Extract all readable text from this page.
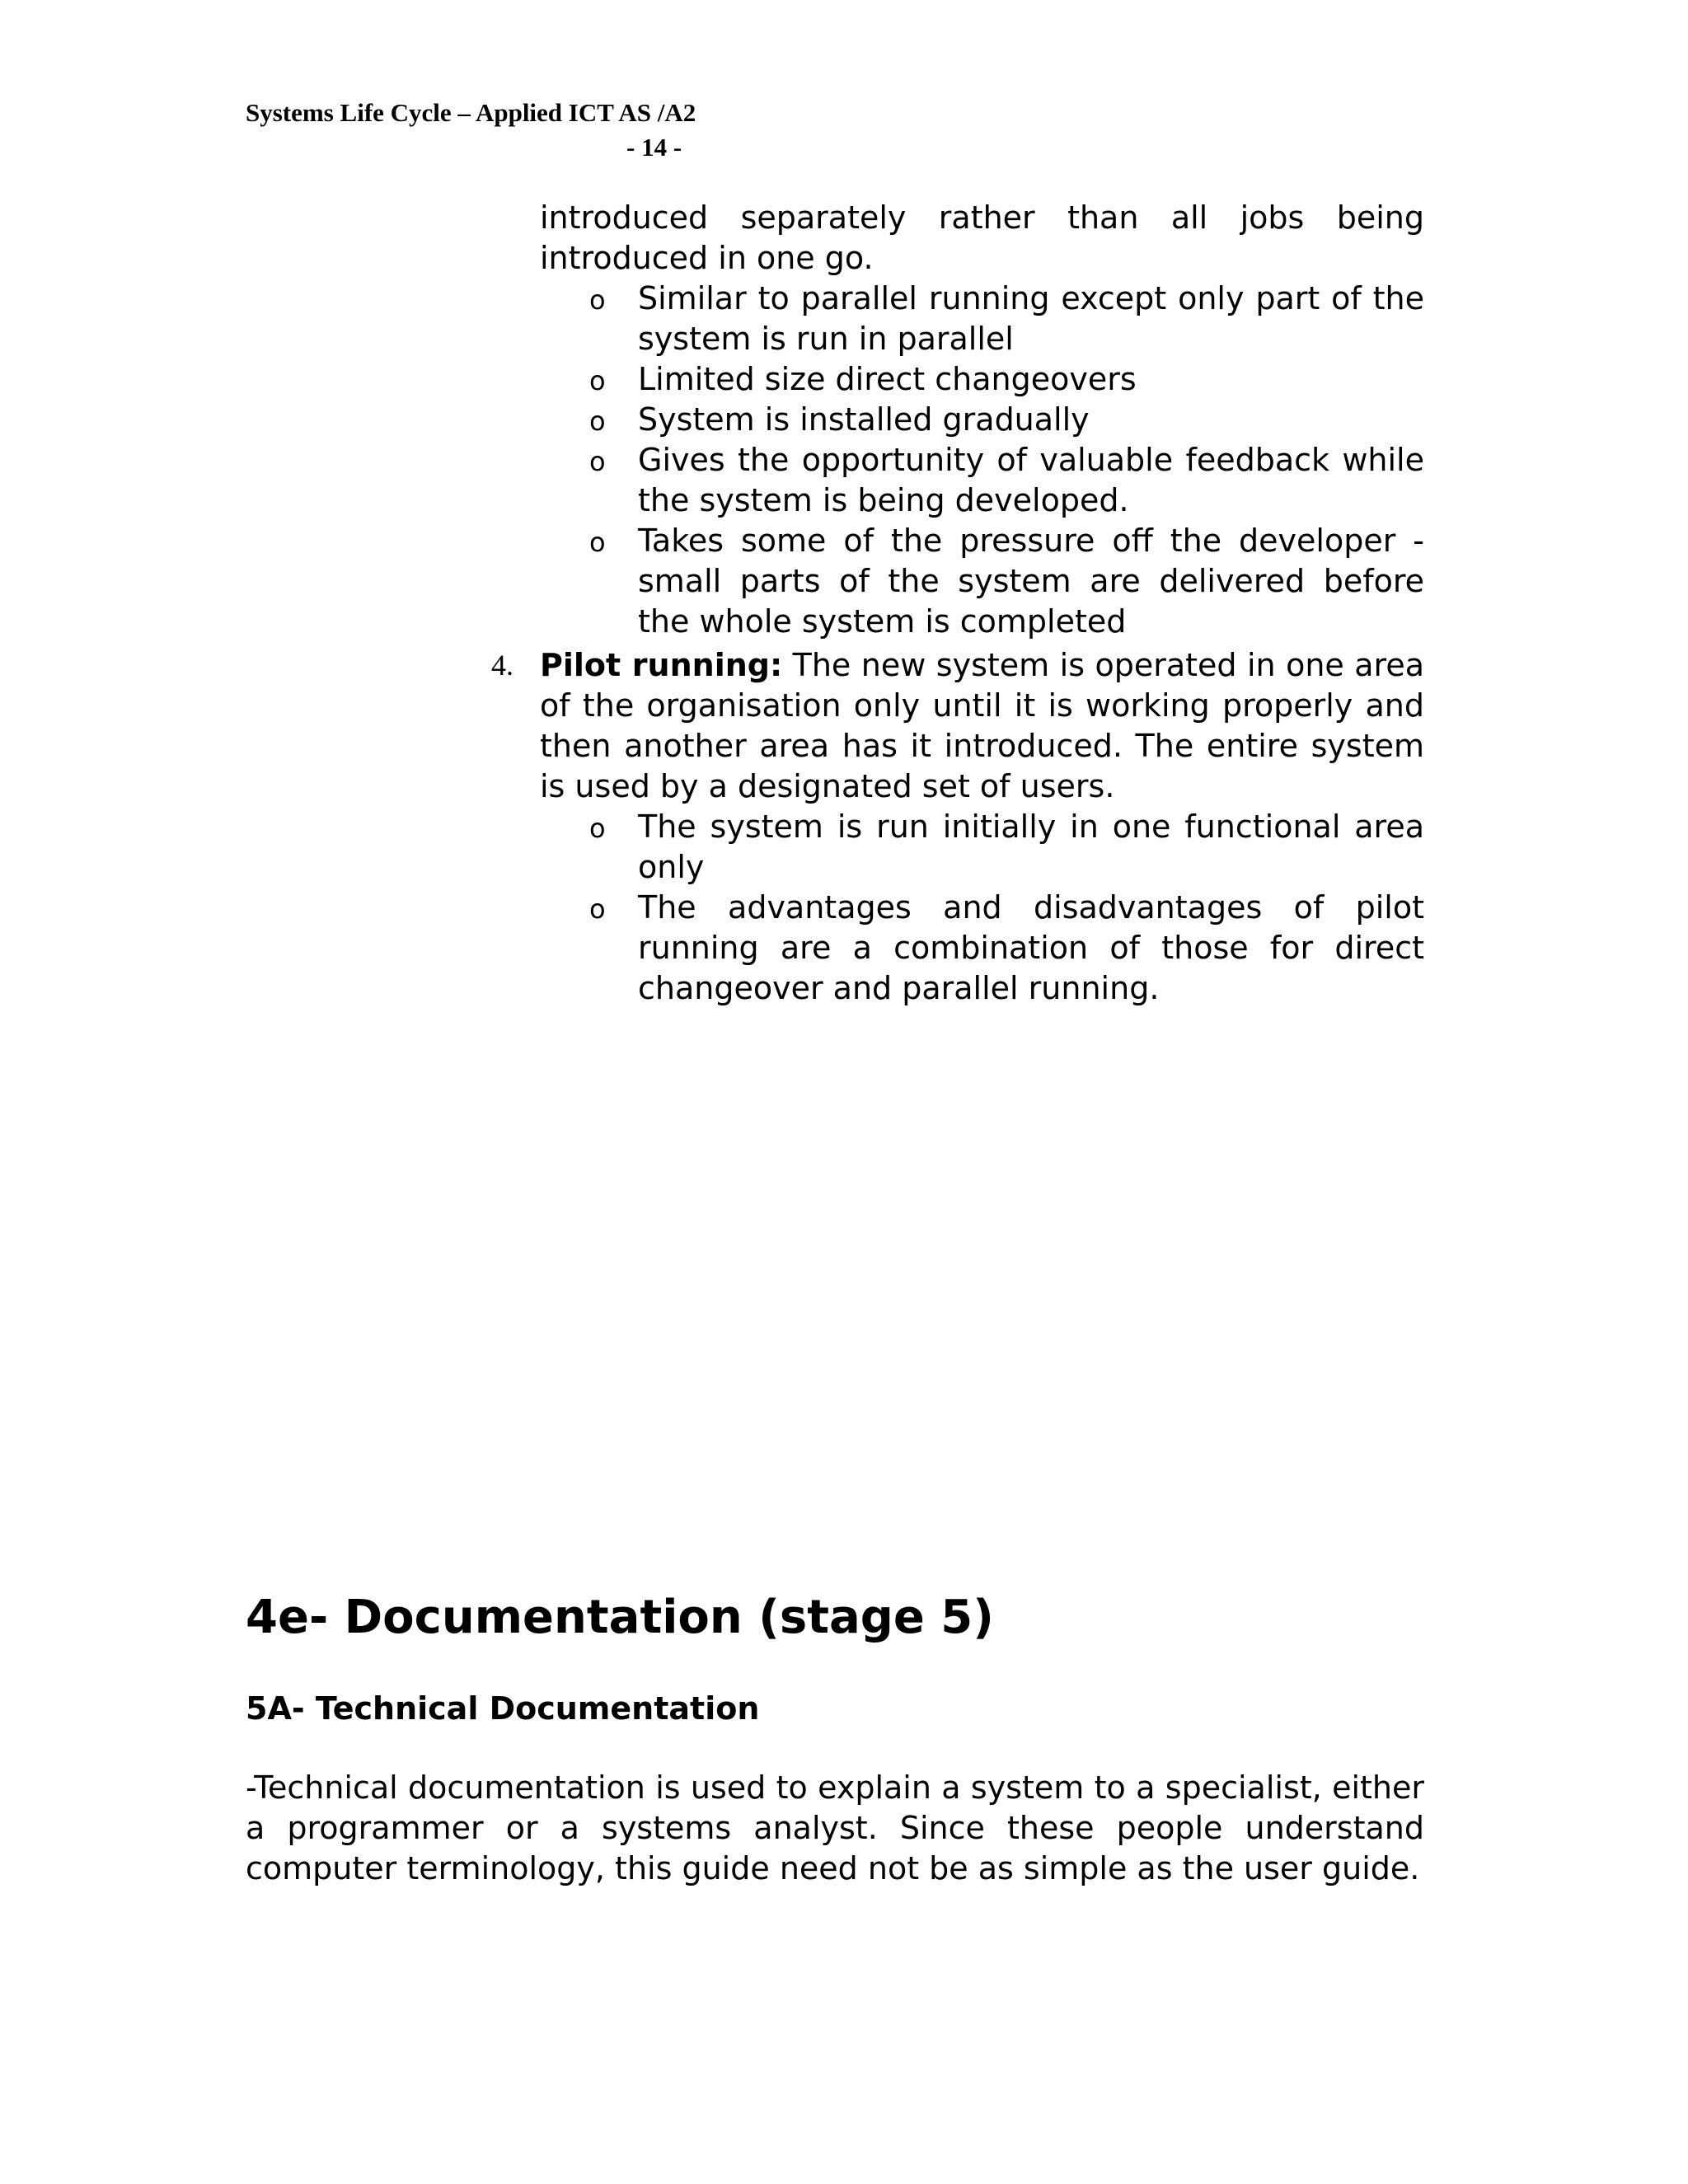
Systems Life Cycle – Applied ICT AS /A2
- 14 -
introduced separately rather than all jobs being introduced in one go.
o Similar to parallel running except only part of the system is run in parallel
o Limited size direct changeovers
o System is installed gradually
o Gives the opportunity of valuable feedback while the system is being developed.
o Takes some of the pressure off the developer - small parts of the system are delivered before the whole system is completed
4. Pilot running: The new system is operated in one area of the organisation only until it is working properly and then another area has it introduced. The entire system is used by a designated set of users.
o The system is run initially in one functional area only
o The advantages and disadvantages of pilot running are a combination of those for direct changeover and parallel running.
4e- Documentation (stage 5)
5A- Technical Documentation

-Technical documentation is used to explain a system to a specialist, either a programmer or a systems analyst. Since these people understand computer terminology, this guide need not be as simple as the user guide.
